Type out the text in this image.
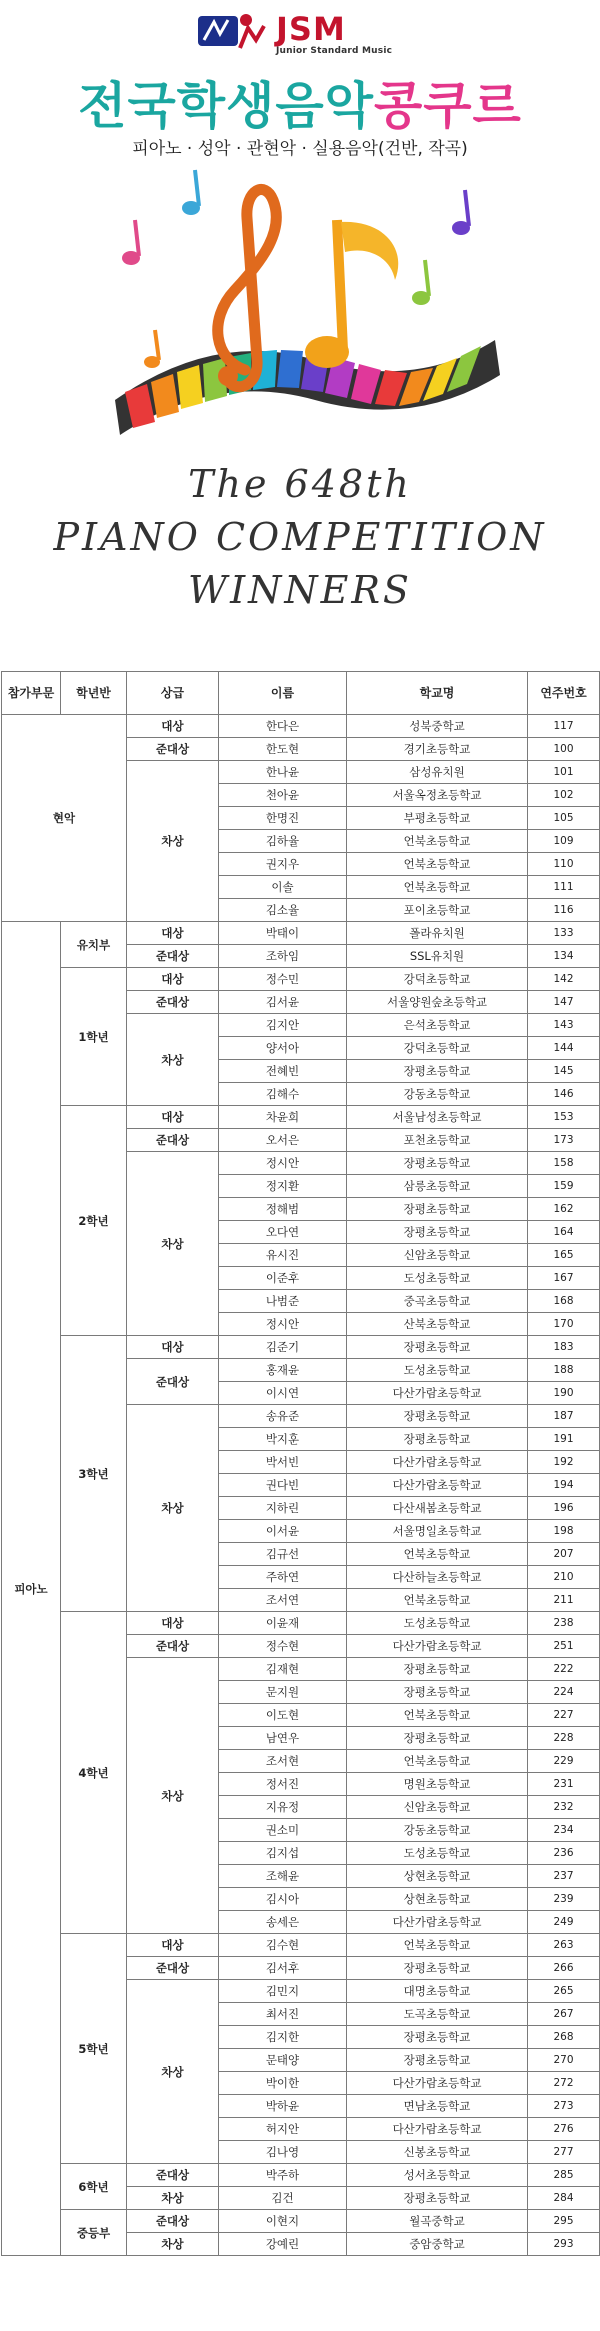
JSM
Junior Standard Music
전국학생음악콩쿠르
피아노 · 성악 · 관현악 · 실용음악(건반, 작곡)
The 648th
PIANO COMPETITION
WINNERS
참가부문	학년반	상급	이름	학교명	연주번호
현악		대상	한다은	성북중학교	117
		준대상	한도현	경기초등학교	100
		차상	한나윤	삼성유치원	101
			천아윤	서울옥정초등학교	102
			한명진	부평초등학교	105
			김하율	언북초등학교	109
			권지우	언북초등학교	110
			이솔	언북초등학교	111
			김소율	포이초등학교	116
피아노	유치부	대상	박태이	폴라유치원	133
		준대상	조하임	SSL유치원	134
	1학년	대상	정수민	강덕초등학교	142
		준대상	김서윤	서울양원숲초등학교	147
		차상	김지안	은석초등학교	143
			양서아	강덕초등학교	144
			전혜빈	장평초등학교	145
			김해수	강동초등학교	146
	2학년	대상	차윤희	서울남성초등학교	153
		준대상	오서은	포천초등학교	173
		차상	정시안	장평초등학교	158
			정지환	삼릉초등학교	159
			정해범	장평초등학교	162
			오다연	장평초등학교	164
			유시진	신암초등학교	165
			이준후	도성초등학교	167
			나범준	중곡초등학교	168
			정시안	산북초등학교	170
	3학년	대상	김준기	장평초등학교	183
		준대상	홍재윤	도성초등학교	188
			이시연	다산가람초등학교	190
		차상	송유준	장평초등학교	187
			박지훈	장평초등학교	191
			박서빈	다산가람초등학교	192
			권다빈	다산가람초등학교	194
			지하린	다산새봄초등학교	196
			이서윤	서울명일초등학교	198
			김규선	언북초등학교	207
			주하연	다산하늘초등학교	210
			조서연	언북초등학교	211
	4학년	대상	이윤재	도성초등학교	238
		준대상	정수현	다산가람초등학교	251
		차상	김재현	장평초등학교	222
			문지원	장평초등학교	224
			이도현	언북초등학교	227
			남연우	장평초등학교	228
			조서현	언북초등학교	229
			정서진	명원초등학교	231
			지유정	신암초등학교	232
			권소미	강동초등학교	234
			김지섭	도성초등학교	236
			조해윤	상현초등학교	237
			김시아	상현초등학교	239
			송세은	다산가람초등학교	249
	5학년	대상	김수현	언북초등학교	263
		준대상	김서후	장평초등학교	266
		차상	김민지	대명초등학교	265
			최서진	도곡초등학교	267
			김지한	장평초등학교	268
			문태양	장평초등학교	270
			박이한	다산가람초등학교	272
			박하윤	면남초등학교	273
			허지안	다산가람초등학교	276
			김나영	신봉초등학교	277
	6학년	준대상	박주하	성서초등학교	285
		차상	김건	장평초등학교	284
	중등부	준대상	이현지	월곡중학교	295
		차상	강예린	중암중학교	293
